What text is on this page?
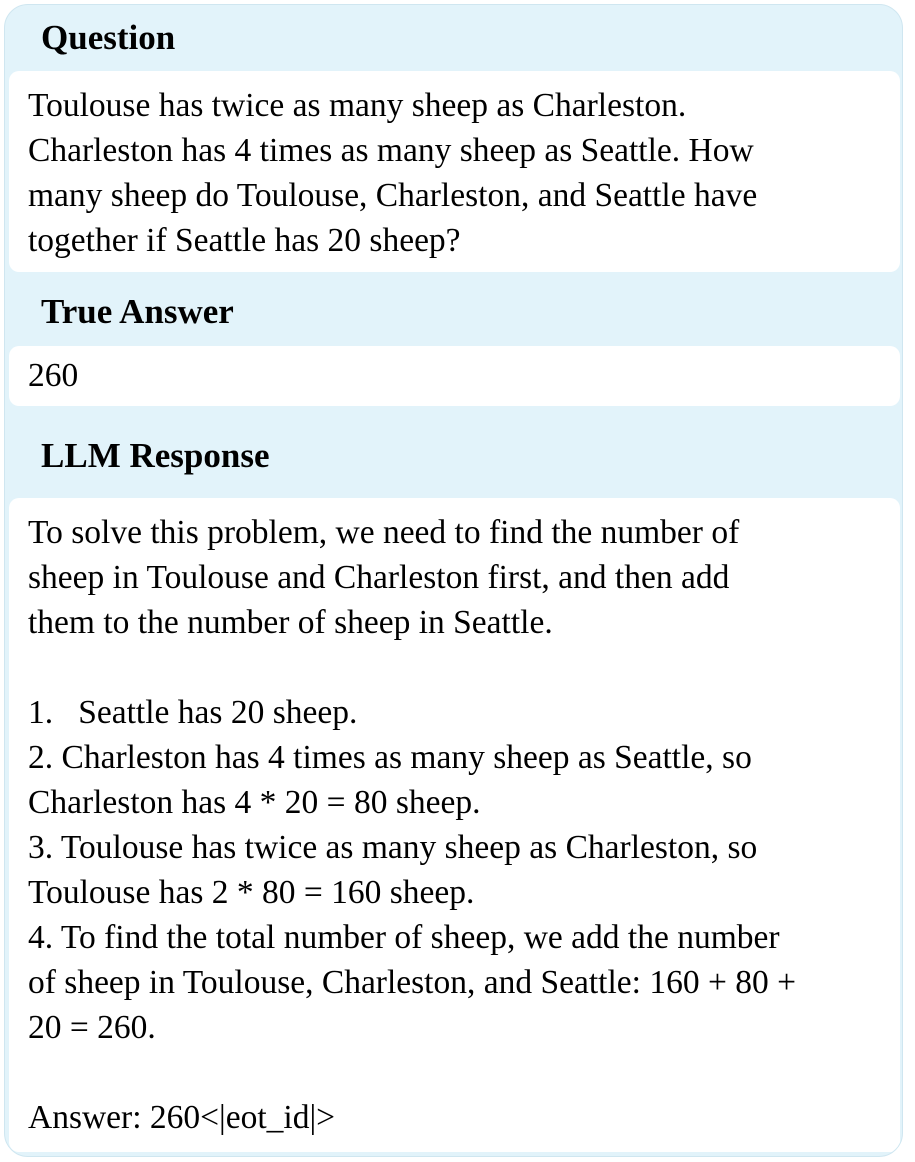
Question
Toulouse has twice as many sheep as Charleston.
Charleston has 4 times as many sheep as Seattle. How
many sheep do Toulouse, Charleston, and Seattle have
together if Seattle has 20 sheep?
True Answer
260
LLM Response
To solve this problem, we need to find the number of
sheep in Toulouse and Charleston first, and then add
them to the number of sheep in Seattle.
1.   Seattle has 20 sheep.
2. Charleston has 4 times as many sheep as Seattle, so
Charleston has 4 * 20 = 80 sheep.
3. Toulouse has twice as many sheep as Charleston, so
Toulouse has 2 * 80 = 160 sheep.
4. To find the total number of sheep, we add the number
of sheep in Toulouse, Charleston, and Seattle: 160 + 80 +
20 = 260.
Answer: 260<|eot_id|>
